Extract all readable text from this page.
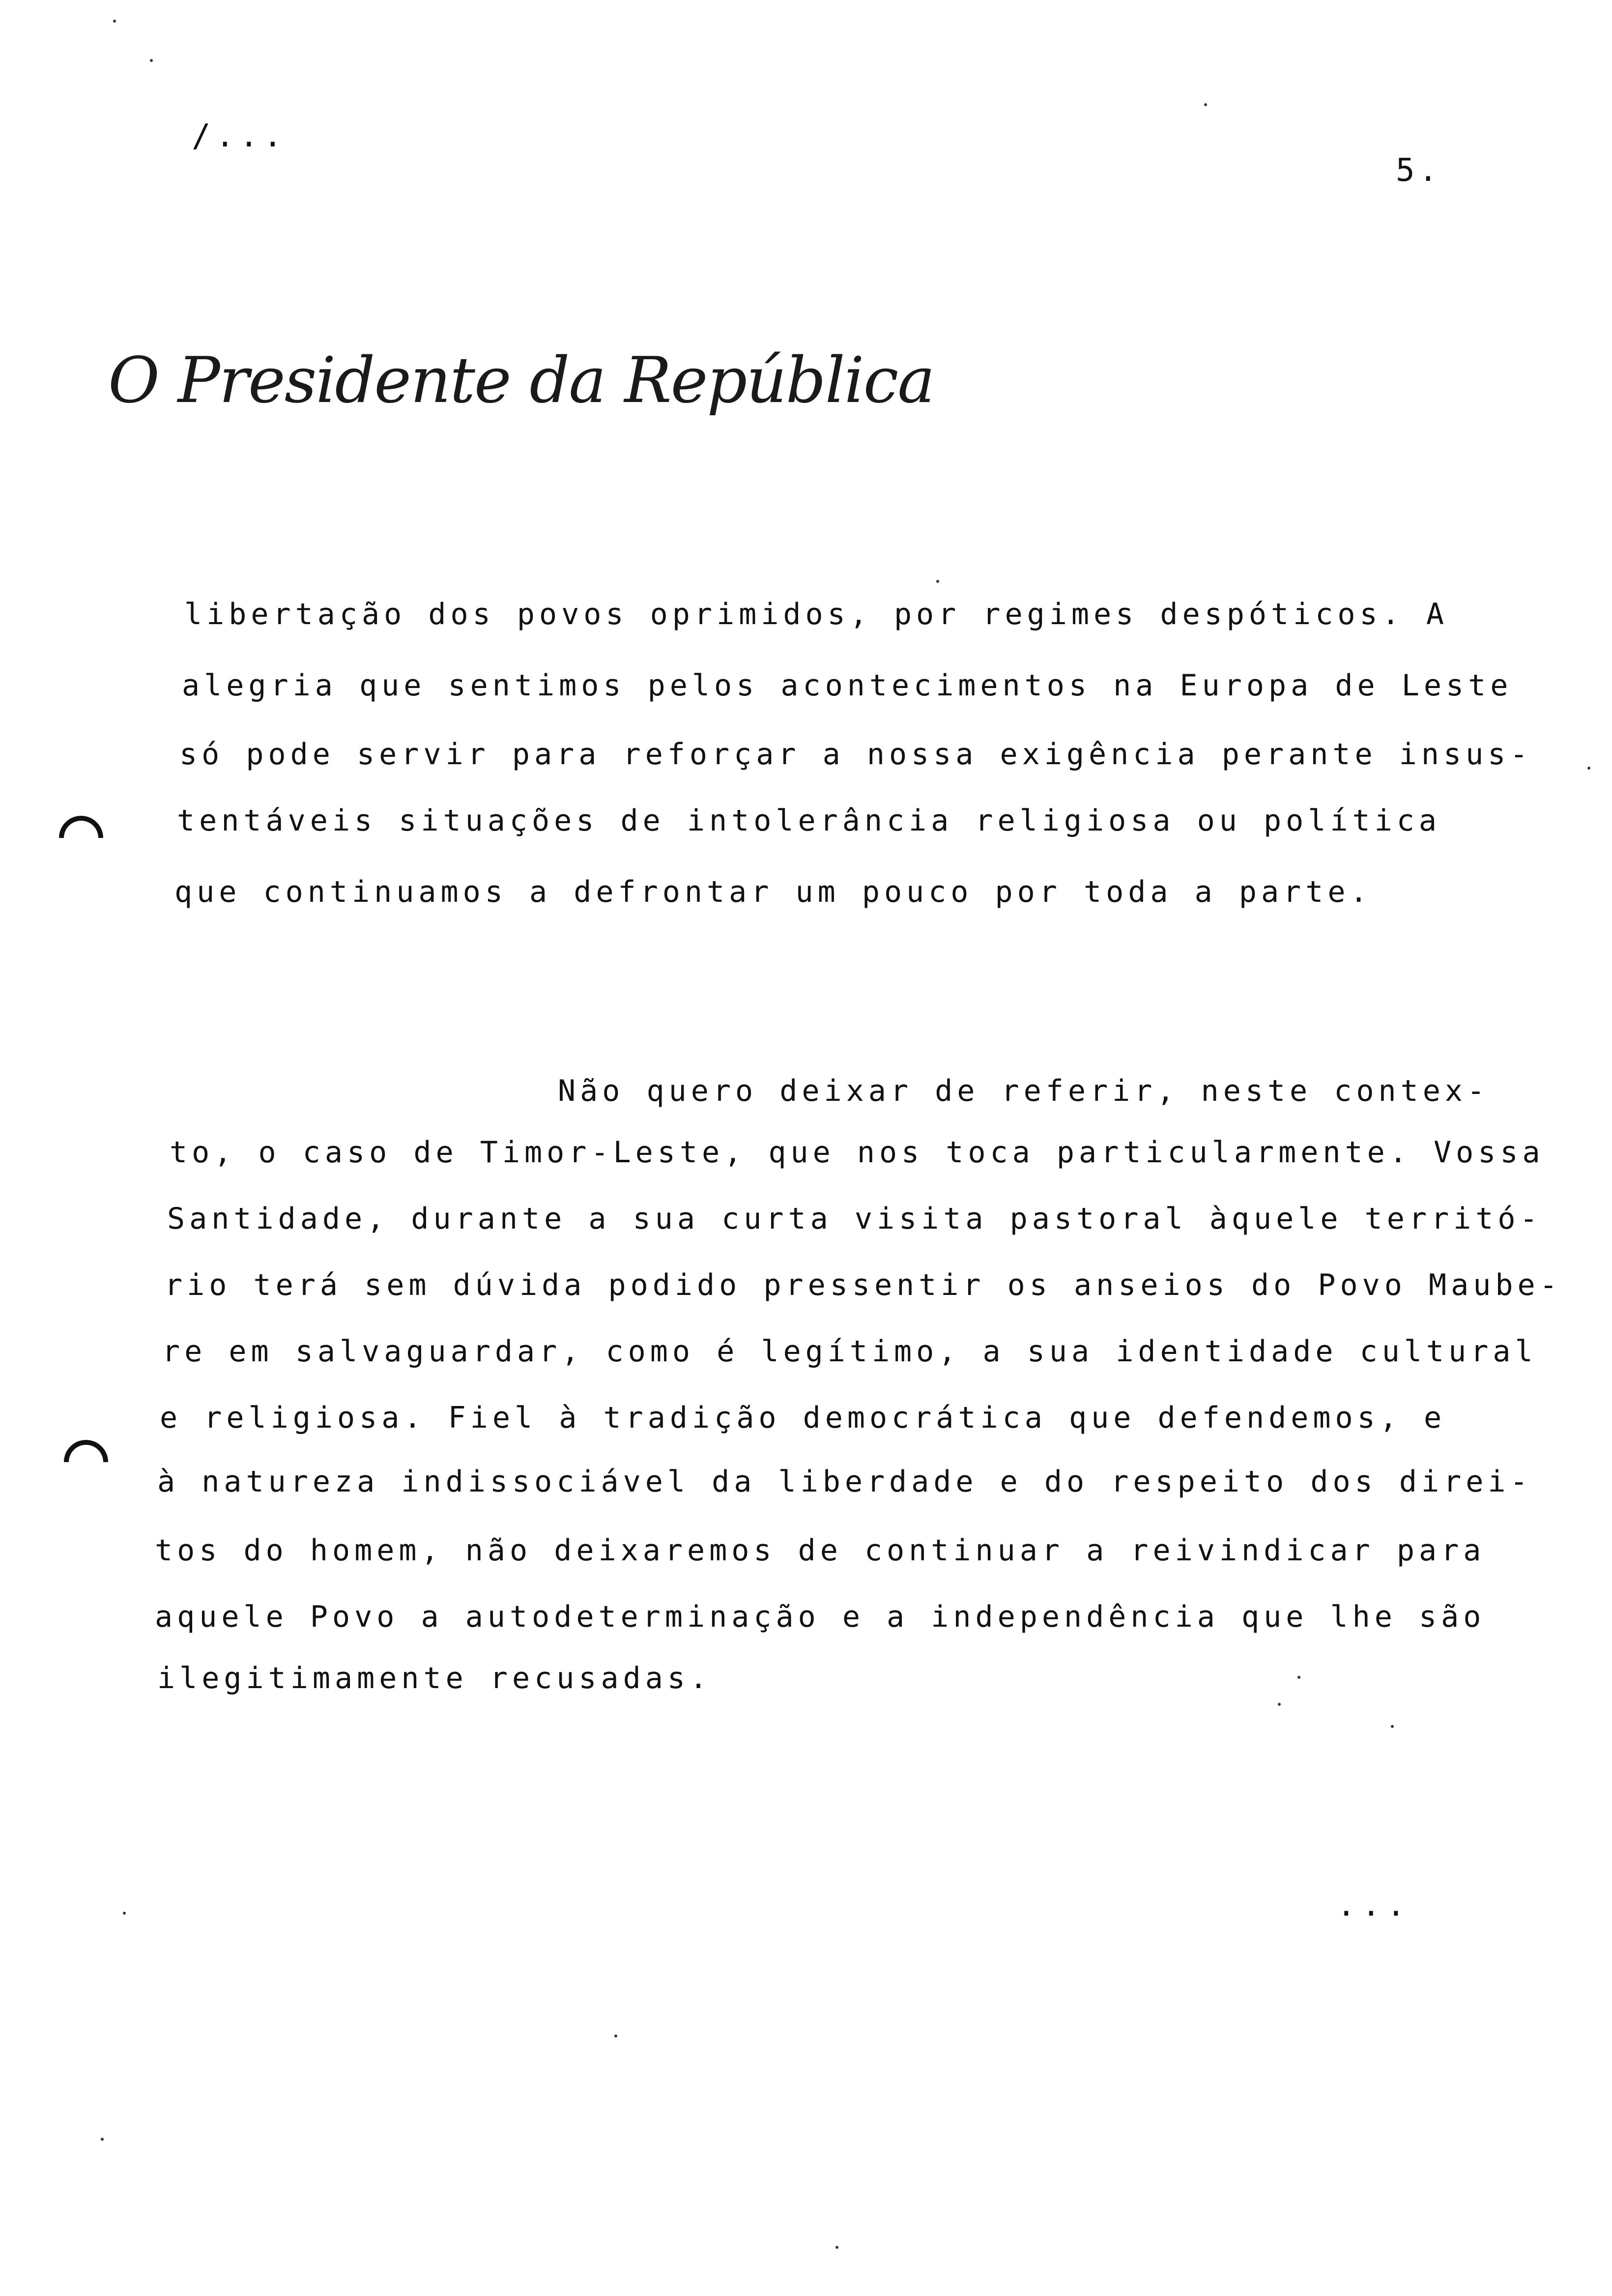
/...
5.
O Presidente da República
libertação dos povos oprimidos, por regimes despóticos. A
alegria que sentimos pelos acontecimentos na Europa de Leste
só pode servir para reforçar a nossa exigência perante insus-
tentáveis situações de intolerância religiosa ou política
que continuamos a defrontar um pouco por toda a parte.
Não quero deixar de referir, neste contex-
to, o caso de Timor-Leste, que nos toca particularmente. Vossa
Santidade, durante a sua curta visita pastoral àquele territó-
rio terá sem dúvida podido pressentir os anseios do Povo Maube-
re em salvaguardar, como é legítimo, a sua identidade cultural
e religiosa. Fiel à tradição democrática que defendemos, e
à natureza indissociável da liberdade e do respeito dos direi-
tos do homem, não deixaremos de continuar a reivindicar para
aquele Povo a autodeterminação e a independência que lhe são
ilegitimamente recusadas.
...
